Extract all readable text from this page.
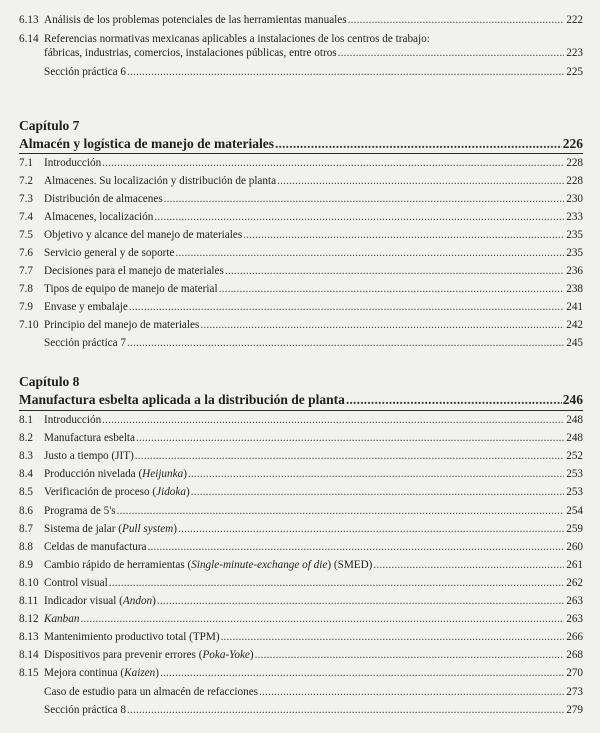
6.13 Análisis de los problemas potenciales de las herramientas manuales .....	222
6.14 Referencias normativas mexicanas aplicables a instalaciones de los centros de trabajo:
fábricas, industrias, comercios, instalaciones públicas, entre otros .....	223
Sección práctica 6 .....	225
Capítulo 7
Almacén y logística de manejo de materiales .....	226
7.1 Introducción .....	228
7.2 Almacenes. Su localización y distribución de planta .....	228
7.3 Distribución de almacenes .....	230
7.4 Almacenes, localización .....	233
7.5 Objetivo y alcance del manejo de materiales .....	235
7.6 Servicio general y de soporte .....	235
7.7 Decisiones para el manejo de materiales .....	236
7.8 Tipos de equipo de manejo de material .....	238
7.9 Envase y embalaje .....	241
7.10 Principio del manejo de materiales .....	242
Sección práctica 7 .....	245
Capítulo 8
Manufactura esbelta aplicada a la distribución de planta .....	246
8.1 Introducción .....	248
8.2 Manufactura esbelta .....	248
8.3 Justo a tiempo (JIT) .....	252
8.4 Producción nivelada (Heijunka) .....	253
8.5 Verificación de proceso (Jidoka) .....	253
8.6 Programa de 5's .....	254
8.7 Sistema de jalar (Pull system) .....	259
8.8 Celdas de manufactura .....	260
8.9 Cambio rápido de herramientas (Single-minute-exchange of die) (SMED) .....	261
8.10 Control visual .....	262
8.11 Indicador visual (Andon) .....	263
8.12 Kanban .....	263
8.13 Mantenimiento productivo total (TPM) .....	266
8.14 Dispositivos para prevenir errores (Poka-Yoke) .....	268
8.15 Mejora continua (Kaizen) .....	270
Caso de estudio para un almacén de refacciones .....	273
Sección práctica 8 .....	279
